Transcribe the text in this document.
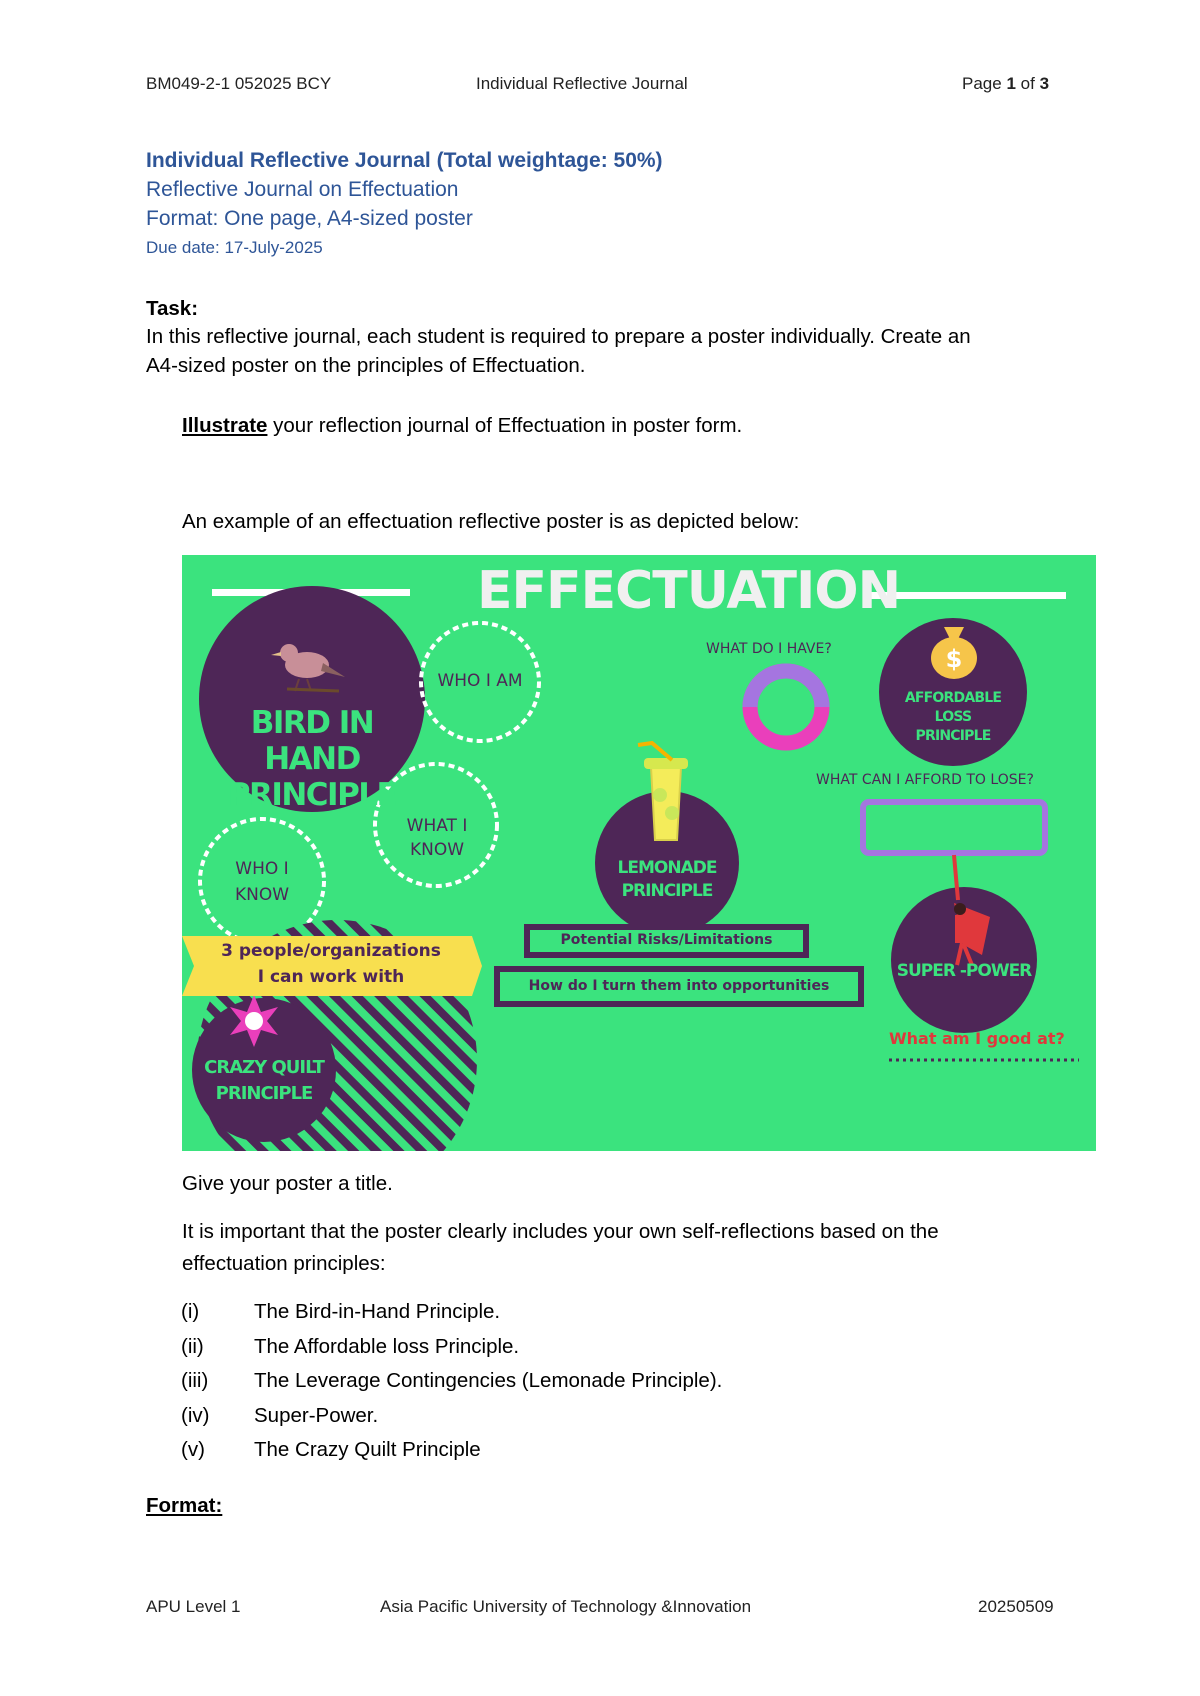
BM049-2-1 052025 BCY	Individual Reflective Journal	Page 1 of 3
Individual Reflective Journal (Total weightage: 50%)
Reflective Journal on Effectuation
Format: One page, A4-sized poster
Due date: 17-July-2025
Task:
In this reflective journal, each student is required to prepare a poster individually. Create an
A4-sized poster on the principles of Effectuation.
Illustrate your reflection journal of Effectuation in poster form.
An example of an effectuation reflective poster is as depicted below:
$
EFFECTUATION
BIRD IN HAND
PRINCIPLE
WHO I AM
WHAT I
KNOW
WHO I
KNOW
WHAT DO I HAVE?
AFFORDABLE LOSS
PRINCIPLE
WHAT CAN I AFFORD TO LOSE?
LEMONADE
PRINCIPLE
Potential Risks/Limitations
How do I turn them into opportunities
3 people/organizations
I can work with
CRAZY QUILT
PRINCIPLE
SUPER -POWER
What am I good at?
Give your poster a title.
It is important that the poster clearly includes your own self-reflections based on the
effectuation principles:
(i)	The Bird-in-Hand Principle.
(ii) The Affordable loss Principle.
(iii) The Leverage Contingencies (Lemonade Principle).
(iv) Super-Power.
(v) The Crazy Quilt Principle
Format:
APU Level 1	Asia Pacific University of Technology &Innovation	20250509
